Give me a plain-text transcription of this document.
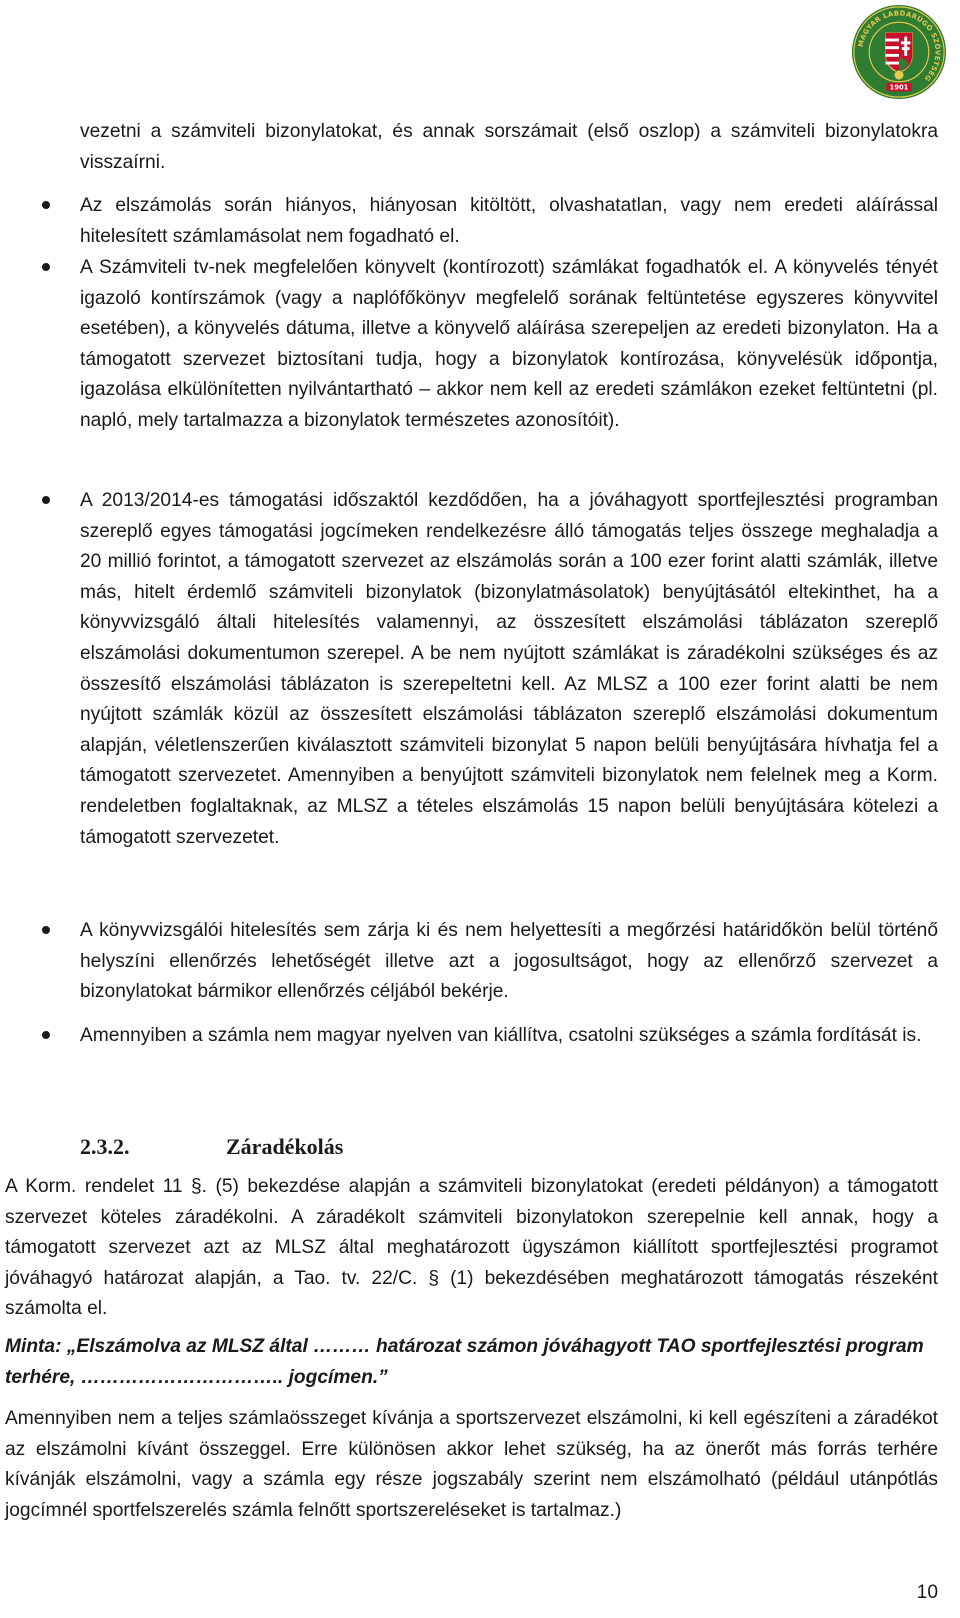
MAGYAR LABDARÚGÓ SZÖVETSÉG
1901

vezetni a számviteli bizonylatokat, és annak sorszámait (első oszlop) a számviteli bizonylatokra visszaírni.

Az elszámolás során hiányos, hiányosan kitöltött, olvashatatlan, vagy nem eredeti aláírással hitelesített számlamásolat nem fogadható el.

A Számviteli tv-nek megfelelően könyvelt (kontírozott) számlákat fogadhatók el. A könyvelés tényét igazoló kontírszámok (vagy a naplófőkönyv megfelelő sorának feltüntetése egyszeres könyvvitel esetében), a könyvelés dátuma, illetve a könyvelő aláírása szerepeljen az eredeti bizonylaton. Ha a támogatott szervezet biztosítani tudja, hogy a bizonylatok kontírozása, könyvelésük időpontja, igazolása elkülönítetten nyilvántartható – akkor nem kell az eredeti számlákon ezeket feltüntetni (pl. napló, mely tartalmazza a bizonylatok természetes azonosítóit).

A 2013/2014-es támogatási időszaktól kezdődően, ha a jóváhagyott sportfejlesztési programban szereplő egyes támogatási jogcímeken rendelkezésre álló támogatás teljes összege meghaladja a 20 millió forintot, a támogatott szervezet az elszámolás során a 100 ezer forint alatti számlák, illetve más, hitelt érdemlő számviteli bizonylatok (bizonylatmásolatok) benyújtásától eltekinthet, ha a könyvvizsgáló általi hitelesítés valamennyi, az összesített elszámolási táblázaton szereplő elszámolási dokumentumon szerepel. A be nem nyújtott számlákat is záradékolni szükséges és az összesítő elszámolási táblázaton is szerepeltetni kell. Az MLSZ a 100 ezer forint alatti be nem nyújtott számlák közül az összesített elszámolási táblázaton szereplő elszámolási dokumentum alapján, véletlenszerűen kiválasztott számviteli bizonylat 5 napon belüli benyújtására hívhatja fel a támogatott szervezetet. Amennyiben a benyújtott számviteli bizonylatok nem felelnek meg a Korm. rendeletben foglaltaknak, az MLSZ a tételes elszámolás 15 napon belüli benyújtására kötelezi a támogatott szervezetet.

A könyvvizsgálói hitelesítés sem zárja ki és nem helyettesíti a megőrzési határidőkön belül történő helyszíni ellenőrzés lehetőségét illetve azt a jogosultságot, hogy az ellenőrző szervezet a bizonylatokat bármikor ellenőrzés céljából bekérje.

Amennyiben a számla nem magyar nyelven van kiállítva, csatolni szükséges a számla fordítását is.

2.3.2.	Záradékolás

A Korm. rendelet 11 §. (5) bekezdése alapján a számviteli bizonylatokat (eredeti példányon) a támogatott szervezet köteles záradékolni. A záradékolt számviteli bizonylatokon szerepelnie kell annak, hogy a támogatott szervezet azt az MLSZ által meghatározott ügyszámon kiállított sportfejlesztési programot jóváhagyó határozat alapján, a Tao. tv. 22/C. § (1) bekezdésében meghatározott támogatás részeként számolta el.

Minta: „Elszámolva az MLSZ által ……… határozat számon jóváhagyott TAO sportfejlesztési program terhére, ………………………….. jogcímen.”

Amennyiben nem a teljes számlaösszeget kívánja a sportszervezet elszámolni, ki kell egészíteni a záradékot az elszámolni kívánt összeggel. Erre különösen akkor lehet szükség, ha az önerőt más forrás terhére kívánják elszámolni, vagy a számla egy része jogszabály szerint nem elszámolható (például utánpótlás jogcímnél sportfelszerelés számla felnőtt sportszereléseket is tartalmaz.)

10
